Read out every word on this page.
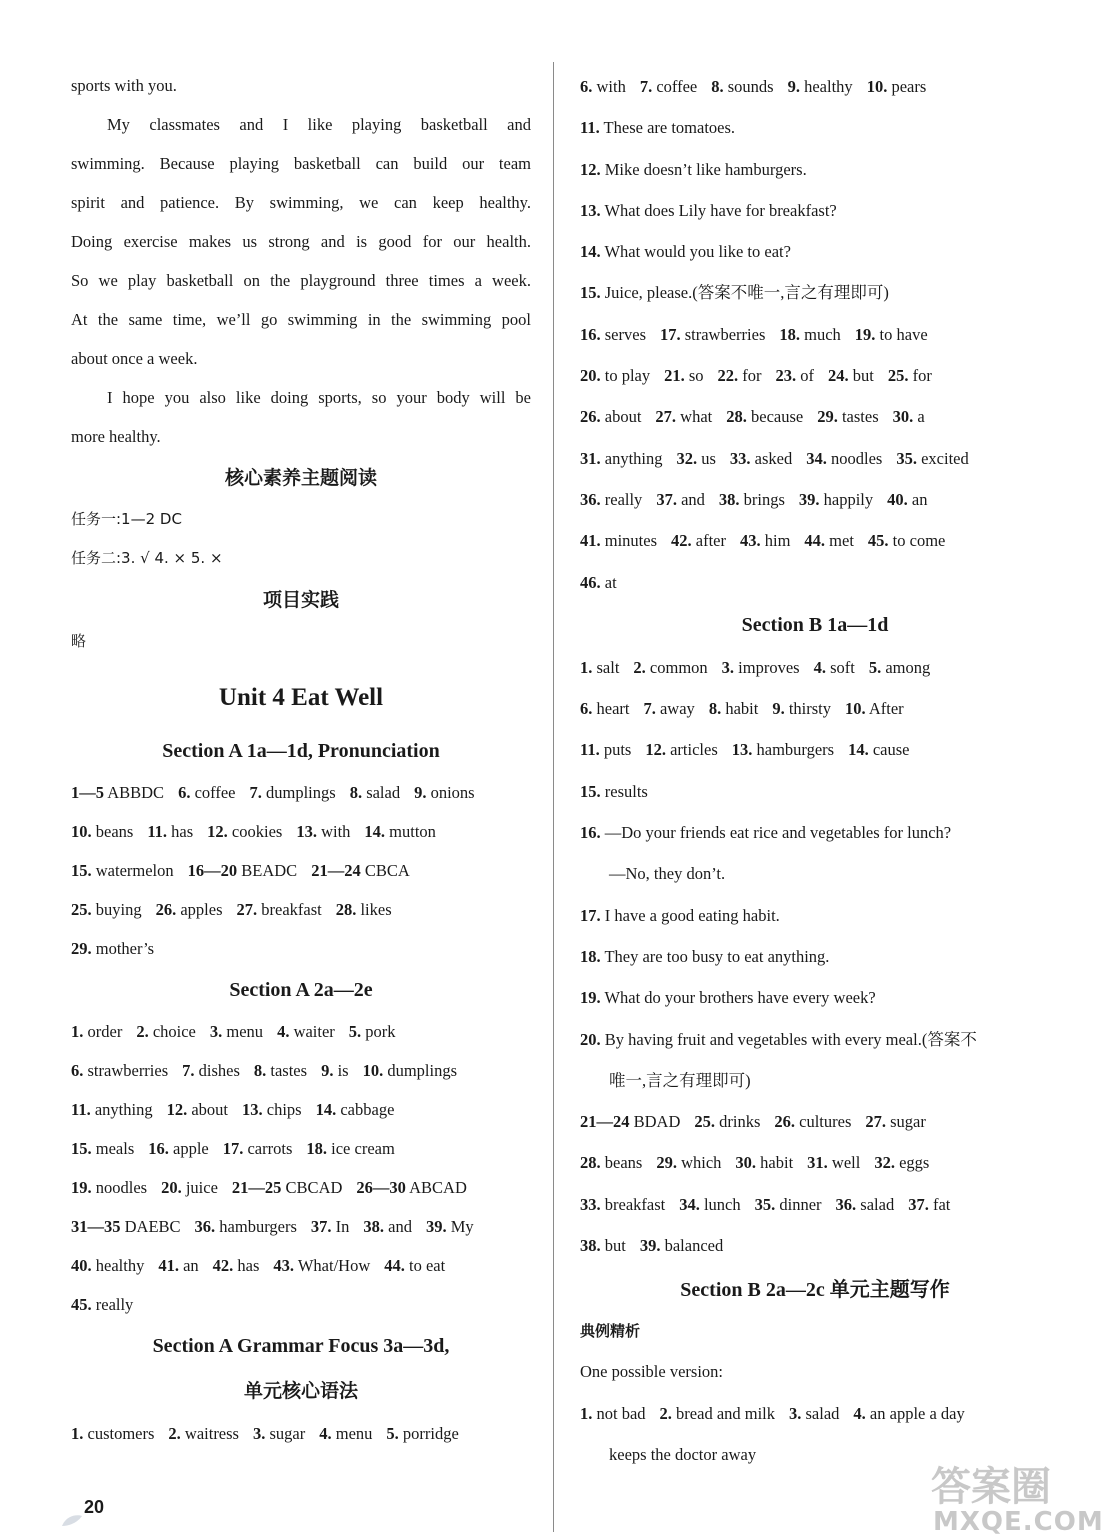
sports with you.
My classmates and I like playing basketball and
swimming. Because playing basketball can build our team
spirit and patience. By swimming, we can keep healthy.
Doing exercise makes us strong and is good for our health.
So we play basketball on the playground three times a week.
At the same time, we’ll go swimming in the swimming pool
about once a week.
I hope you also like doing sports, so your body will be
more healthy.
核心素养主题阅读
任务一:1—2 DC
任务二:3. √ 4. × 5. ×
项目实践
略
Unit 4 Eat Well
Section A 1a—1d, Pronunciation
1—5 ABBDC 6. coffee 7. dumplings 8. salad 9. onions
10. beans 11. has 12. cookies 13. with 14. mutton
15. watermelon 16—20 BEADC 21—24 CBCA
25. buying 26. apples 27. breakfast 28. likes
29. mother’s
Section A 2a—2e
1. order 2. choice 3. menu 4. waiter 5. pork
6. strawberries 7. dishes 8. tastes 9. is 10. dumplings
11. anything 12. about 13. chips 14. cabbage
15. meals 16. apple 17. carrots 18. ice cream
19. noodles 20. juice 21—25 CBCAD 26—30 ABCAD
31—35 DAEBC 36. hamburgers 37. In 38. and 39. My
40. healthy 41. an 42. has 43. What/How 44. to eat
45. really
Section A Grammar Focus 3a—3d,
单元核心语法
1. customers 2. waitress 3. sugar 4. menu 5. porridge
6. with 7. coffee 8. sounds 9. healthy 10. pears
11. These are tomatoes.
12. Mike doesn’t like hamburgers.
13. What does Lily have for breakfast?
14. What would you like to eat?
15. Juice, please.(答案不唯一,言之有理即可)
16. serves 17. strawberries 18. much 19. to have
20. to play 21. so 22. for 23. of 24. but 25. for
26. about 27. what 28. because 29. tastes 30. a
31. anything 32. us 33. asked 34. noodles 35. excited
36. really 37. and 38. brings 39. happily 40. an
41. minutes 42. after 43. him 44. met 45. to come
46. at
Section B 1a—1d
1. salt 2. common 3. improves 4. soft 5. among
6. heart 7. away 8. habit 9. thirsty 10. After
11. puts 12. articles 13. hamburgers 14. cause
15. results
16. —Do your friends eat rice and vegetables for lunch?
—No, they don’t.
17. I have a good eating habit.
18. They are too busy to eat anything.
19. What do your brothers have every week?
20. By having fruit and vegetables with every meal.(答案不
唯一,言之有理即可)
21—24 BDAD 25. drinks 26. cultures 27. sugar
28. beans 29. which 30. habit 31. well 32. eggs
33. breakfast 34. lunch 35. dinner 36. salad 37. fat
38. but 39. balanced
Section B 2a—2c 单元主题写作
典例精析
One possible version:
1. not bad 2. bread and milk 3. salad 4. an apple a day
keeps the doctor away
20	答案圈
MXQE.COM
